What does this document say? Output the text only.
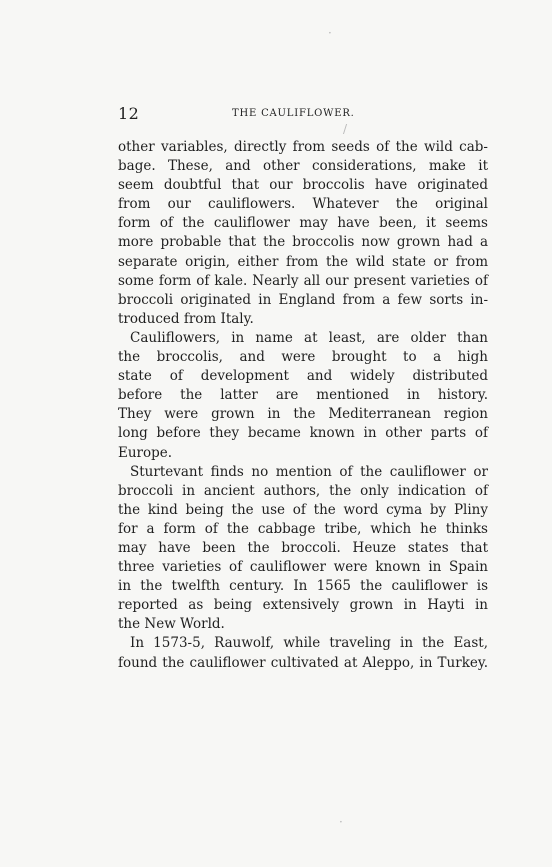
12	THE CAULIFLOWER.
other variables, directly from seeds of the wild cab-
bage. These, and other considerations, make it
seem doubtful that our broccolis have originated
from our cauliflowers. Whatever the original
form of the cauliflower may have been, it seems
more probable that the broccolis now grown had a
separate origin, either from the wild state or from
some form of kale. Nearly all our present varieties of
broccoli originated in England from a few sorts in-
troduced from Italy.
Cauliflowers, in name at least, are older than
the broccolis, and were brought to a high
state of development and widely distributed
before the latter are mentioned in history.
They were grown in the Mediterranean region
long before they became known in other parts of
Europe.
Sturtevant finds no mention of the cauliflower or
broccoli in ancient authors, the only indication of
the kind being the use of the word cyma by Pliny
for a form of the cabbage tribe, which he thinks
may have been the broccoli. Heuze states that
three varieties of cauliflower were known in Spain
in the twelfth century. In 1565 the cauliflower is
reported as being extensively grown in Hayti in
the New World.
In 1573-5, Rauwolf, while traveling in the East,
found the cauliflower cultivated at Aleppo, in Turkey.
·
/
·
